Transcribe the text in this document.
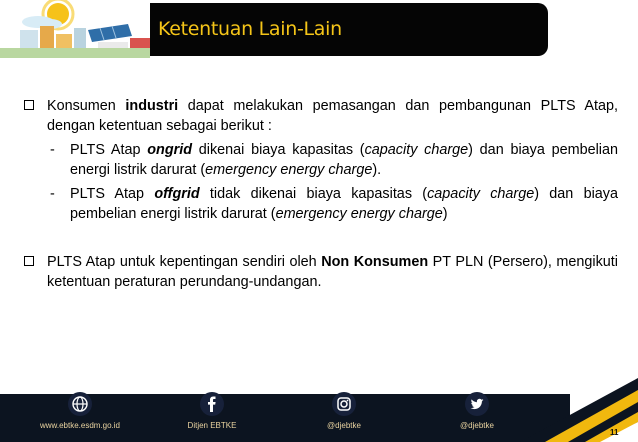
Ketentuan Lain-Lain
Konsumen industri dapat melakukan pemasangan dan pembangunan PLTS Atap, dengan ketentuan sebagai berikut :
- PLTS Atap ongrid dikenai biaya kapasitas (capacity charge) dan biaya pembelian energi listrik darurat (emergency energy charge).
- PLTS Atap offgrid tidak dikenai biaya kapasitas (capacity charge) dan biaya pembelian energi listrik darurat (emergency energy charge)
PLTS Atap untuk kepentingan sendiri oleh Non Konsumen PT PLN (Persero), mengikuti ketentuan peraturan perundang-undangan.
www.ebtke.esdm.go.id	Ditjen EBTKE	@djebtke	@djebtke
11
